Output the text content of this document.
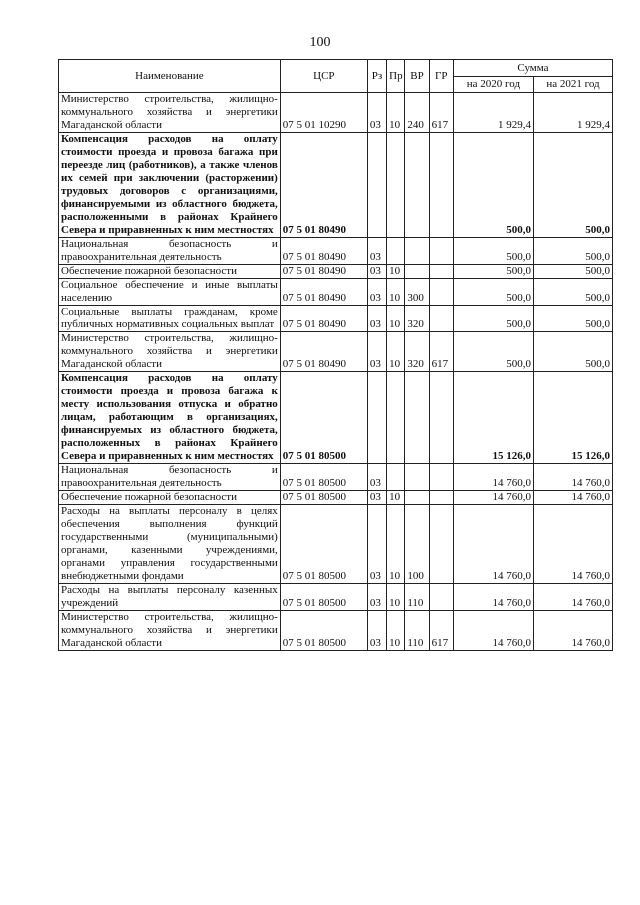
100
Наименование	ЦСР	Рз	Пр	ВР	ГР	Сумма	
						на 2020 год	на 2021 год
Министерство строительства, жилищно-коммунального хозяйства и энергетики Магаданской области	07 5 01 10290	03	10	240	617	1 929,4	1 929,4
Компенсация расходов на оплату стоимости проезда и провоза багажа при переезде лиц (работников), а также членов их семей при заключении (расторжении) трудовых договоров с организациями, финансируемыми из областного бюджета, расположенными в районах Крайнего Севера и приравненных к ним местностях	07 5 01 80490					500,0	500,0
Национальная безопасность и правоохранительная деятельность	07 5 01 80490	03				500,0	500,0
Обеспечение пожарной безопасности	07 5 01 80490	03	10			500,0	500,0
Социальное обеспечение и иные выплаты населению	07 5 01 80490	03	10	300		500,0	500,0
Социальные выплаты гражданам, кроме публичных нормативных социальных выплат	07 5 01 80490	03	10	320		500,0	500,0
Министерство строительства, жилищно-коммунального хозяйства и энергетики Магаданской области	07 5 01 80490	03	10	320	617	500,0	500,0
Компенсация расходов на оплату стоимости проезда и провоза багажа к месту использования отпуска и обратно лицам, работающим в организациях, финансируемых из областного бюджета, расположенных в районах Крайнего Севера и приравненных к ним местностях	07 5 01 80500					15 126,0	15 126,0
Национальная безопасность и правоохранительная деятельность	07 5 01 80500	03				14 760,0	14 760,0
Обеспечение пожарной безопасности	07 5 01 80500	03	10			14 760,0	14 760,0
Расходы на выплаты персоналу в целях обеспечения выполнения функций государственными (муниципальными) органами, казенными учреждениями, органами управления государственными внебюджетными фондами	07 5 01 80500	03	10	100		14 760,0	14 760,0
Расходы на выплаты персоналу казенных учреждений	07 5 01 80500	03	10	110		14 760,0	14 760,0
Министерство строительства, жилищно-коммунального хозяйства и энергетики Магаданской области	07 5 01 80500	03	10	110	617	14 760,0	14 760,0
